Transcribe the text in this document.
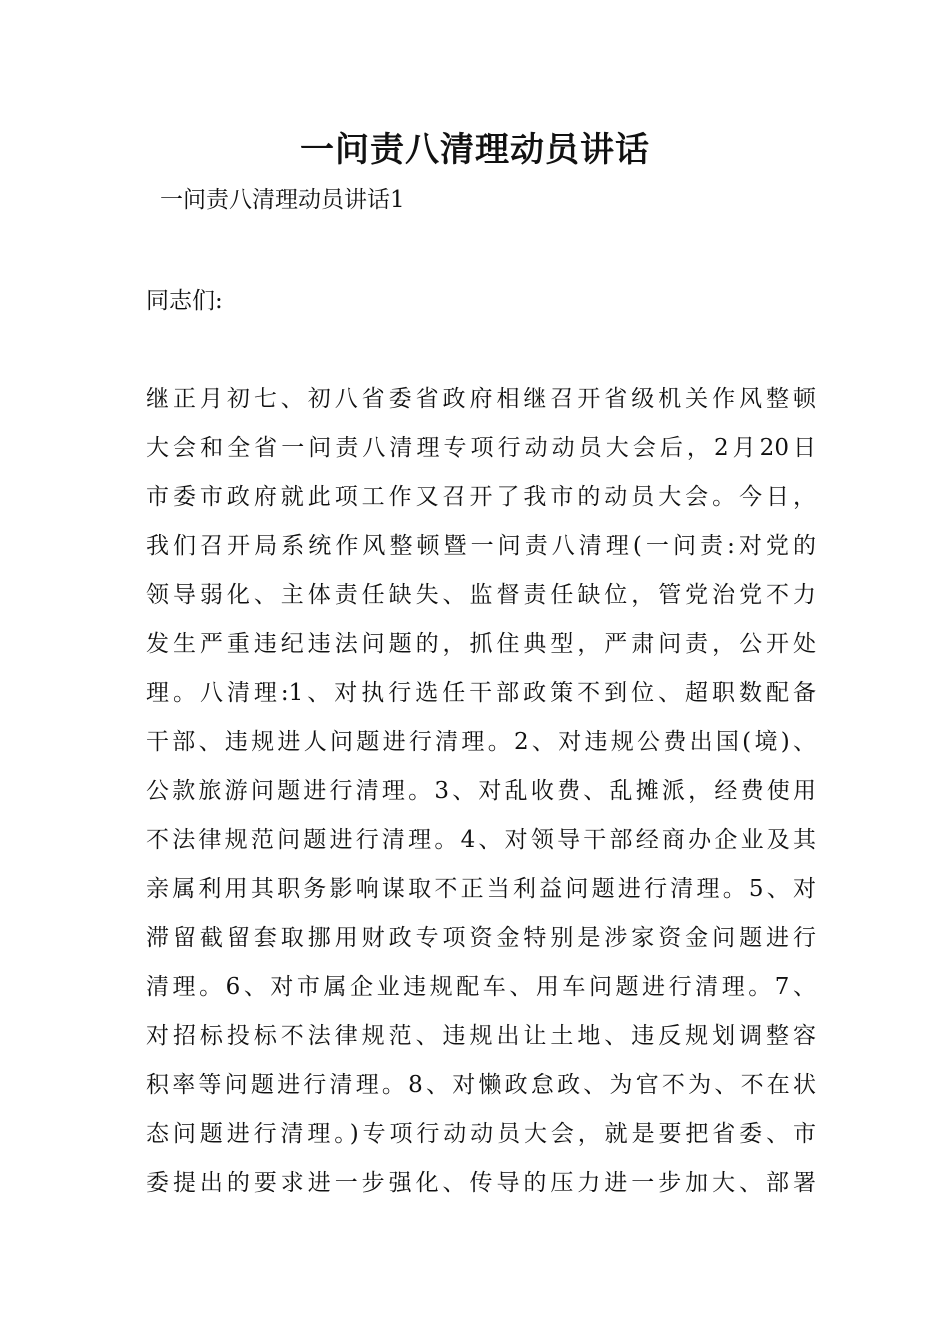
一问责八清理动员讲话

一问责八清理动员讲话1

同志们:

继正月初七、初八省委省政府相继召开省级机关作风整顿
大会和全省一问责八清理专项行动动员大会后，2月20日
市委市政府就此项工作又召开了我市的动员大会。今日，
我们召开局系统作风整顿暨一问责八清理(一问责:对党的
领导弱化、主体责任缺失、监督责任缺位，管党治党不力
发生严重违纪违法问题的，抓住典型，严肃问责，公开处
理。八清理:1、对执行选任干部政策不到位、超职数配备
干部、违规进人问题进行清理。2、对违规公费出国(境)、
公款旅游问题进行清理。3、对乱收费、乱摊派，经费使用
不法律规范问题进行清理。4、对领导干部经商办企业及其
亲属利用其职务影响谋取不正当利益问题进行清理。5、对
滞留截留套取挪用财政专项资金特别是涉家资金问题进行
清理。6、对市属企业违规配车、用车问题进行清理。7、
对招标投标不法律规范、违规出让土地、违反规划调整容
积率等问题进行清理。8、对懒政怠政、为官不为、不在状
态问题进行清理。)专项行动动员大会，就是要把省委、市
委提出的要求进一步强化、传导的压力进一步加大、部署
